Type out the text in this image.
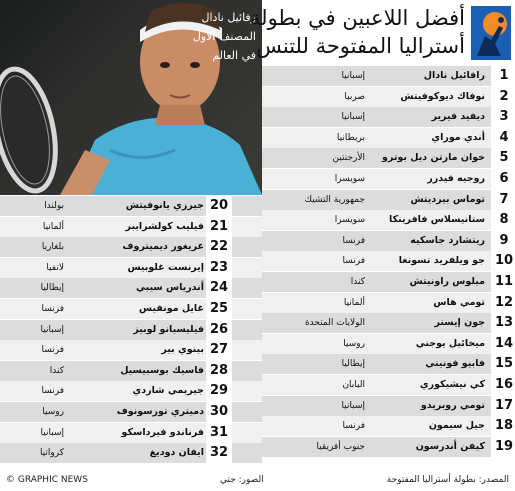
رفائيل نادال
المصنف الأول
في العالم
أفضل اللاعبين في بطولة
أستراليا المفتوحة للتنس
1
رافائيل نادال
إسبانيا
2
نوفاك ديوكوفيتش
صربيا
3
ديفيد فيرير
إسبانيا
4
أندي موراي
بريطانيا
5
خوان مارتن ديل بوترو
الأرجنتين
6
روجيه فيدرر
سويسرا
7
توماس بيرديتش
جمهورية التشيك
8
ستانيسلاس فافرينكا
سويسرا
9
ريتشارد جاسكيه
فرنسا
10
جو ويلفريد تسونغا
فرنسا
11
ميلوس راونيتش
كندا
12
تومي هاس
ألمانيا
13
جون إيسنر
الولايات المتحدة
14
ميخائيل يوجني
روسيا
15
فابيو فونيني
إيطاليا
16
كي نيشيكوري
اليابان
17
تومي روبريدو
إسبانيا
18
جيل سيمون
فرنسا
19
كيفن أندرسون
جنوب أفريقيا
20
جيرزي يانوفيتش
بولندا
21
فيليب كولشرايبر
ألمانيا
22
غريغور ديميتروف
بلغاريا
23
إيرنست غلوبيس
لاتفيا
24
أندرياس سيبي
إيطاليا
25
غايل مونفيس
فرنسا
26
فيليسيانو لوبيز
إسبانيا
27
بينوي بير
فرنسا
28
فاسيك بوسبيسيل
كندا
29
جيريمي شاردي
فرنسا
30
دميتري تورسونوف
روسيا
31
فرناندو فيرداسكو
إسبانيا
32
ايفان دوديغ
كرواتيا
© GRAPHIC NEWS	الصور: جتي	المصدر: بطولة أستراليا المفتوحة
